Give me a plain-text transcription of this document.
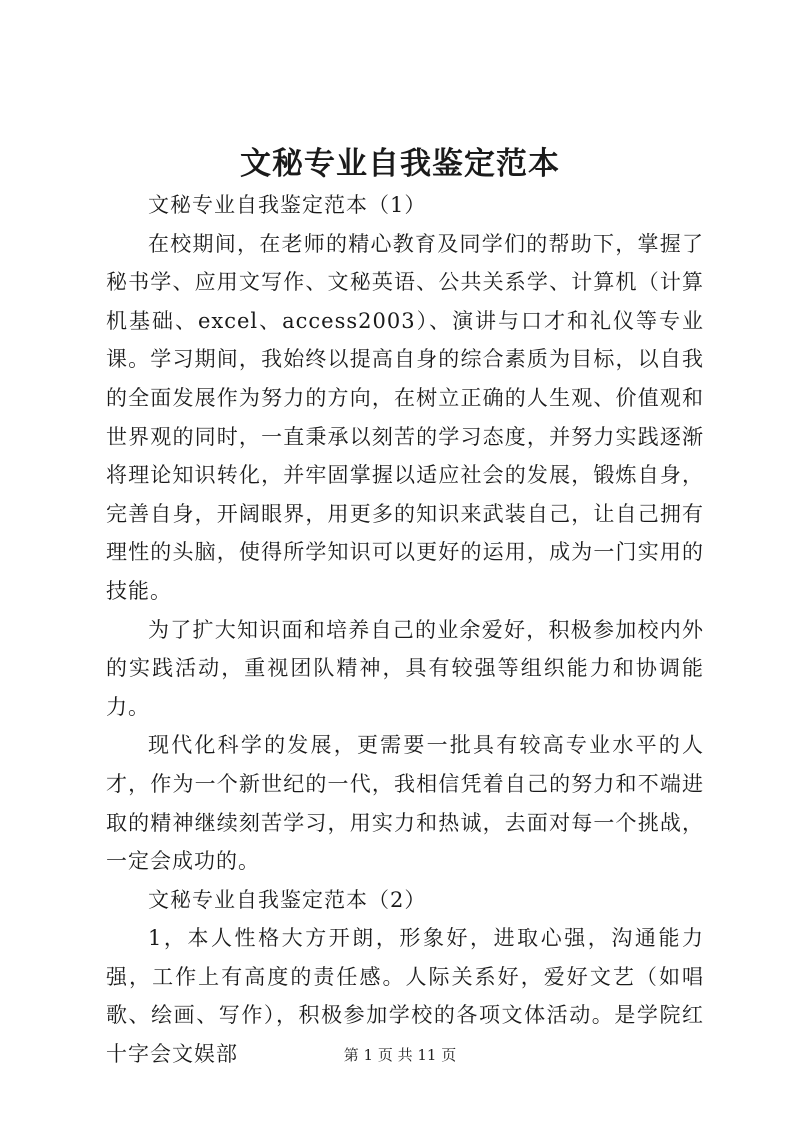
文秘专业自我鉴定范本

文秘专业自我鉴定范本（1）

在校期间，在老师的精心教育及同学们的帮助下，掌握了秘书学、应用文写作、文秘英语、公共关系学、计算机（计算机基础、excel、access2003）、演讲与口才和礼仪等专业课。学习期间，我始终以提高自身的综合素质为目标，以自我的全面发展作为努力的方向，在树立正确的人生观、价值观和世界观的同时，一直秉承以刻苦的学习态度，并努力实践逐渐将理论知识转化，并牢固掌握以适应社会的发展，锻炼自身，完善自身，开阔眼界，用更多的知识来武装自己，让自己拥有理性的头脑，使得所学知识可以更好的运用，成为一门实用的技能。

为了扩大知识面和培养自己的业余爱好，积极参加校内外的实践活动，重视团队精神，具有较强等组织能力和协调能力。

现代化科学的发展，更需要一批具有较高专业水平的人才，作为一个新世纪的一代，我相信凭着自己的努力和不端进取的精神继续刻苦学习，用实力和热诚，去面对每一个挑战，一定会成功的。

文秘专业自我鉴定范本（2）

1，本人性格大方开朗，形象好，进取心强，沟通能力强，工作上有高度的责任感。人际关系好，爱好文艺（如唱歌、绘画、写作），积极参加学校的各项文体活动。是学院红十字会文娱部	第 1 页 共 11 页
